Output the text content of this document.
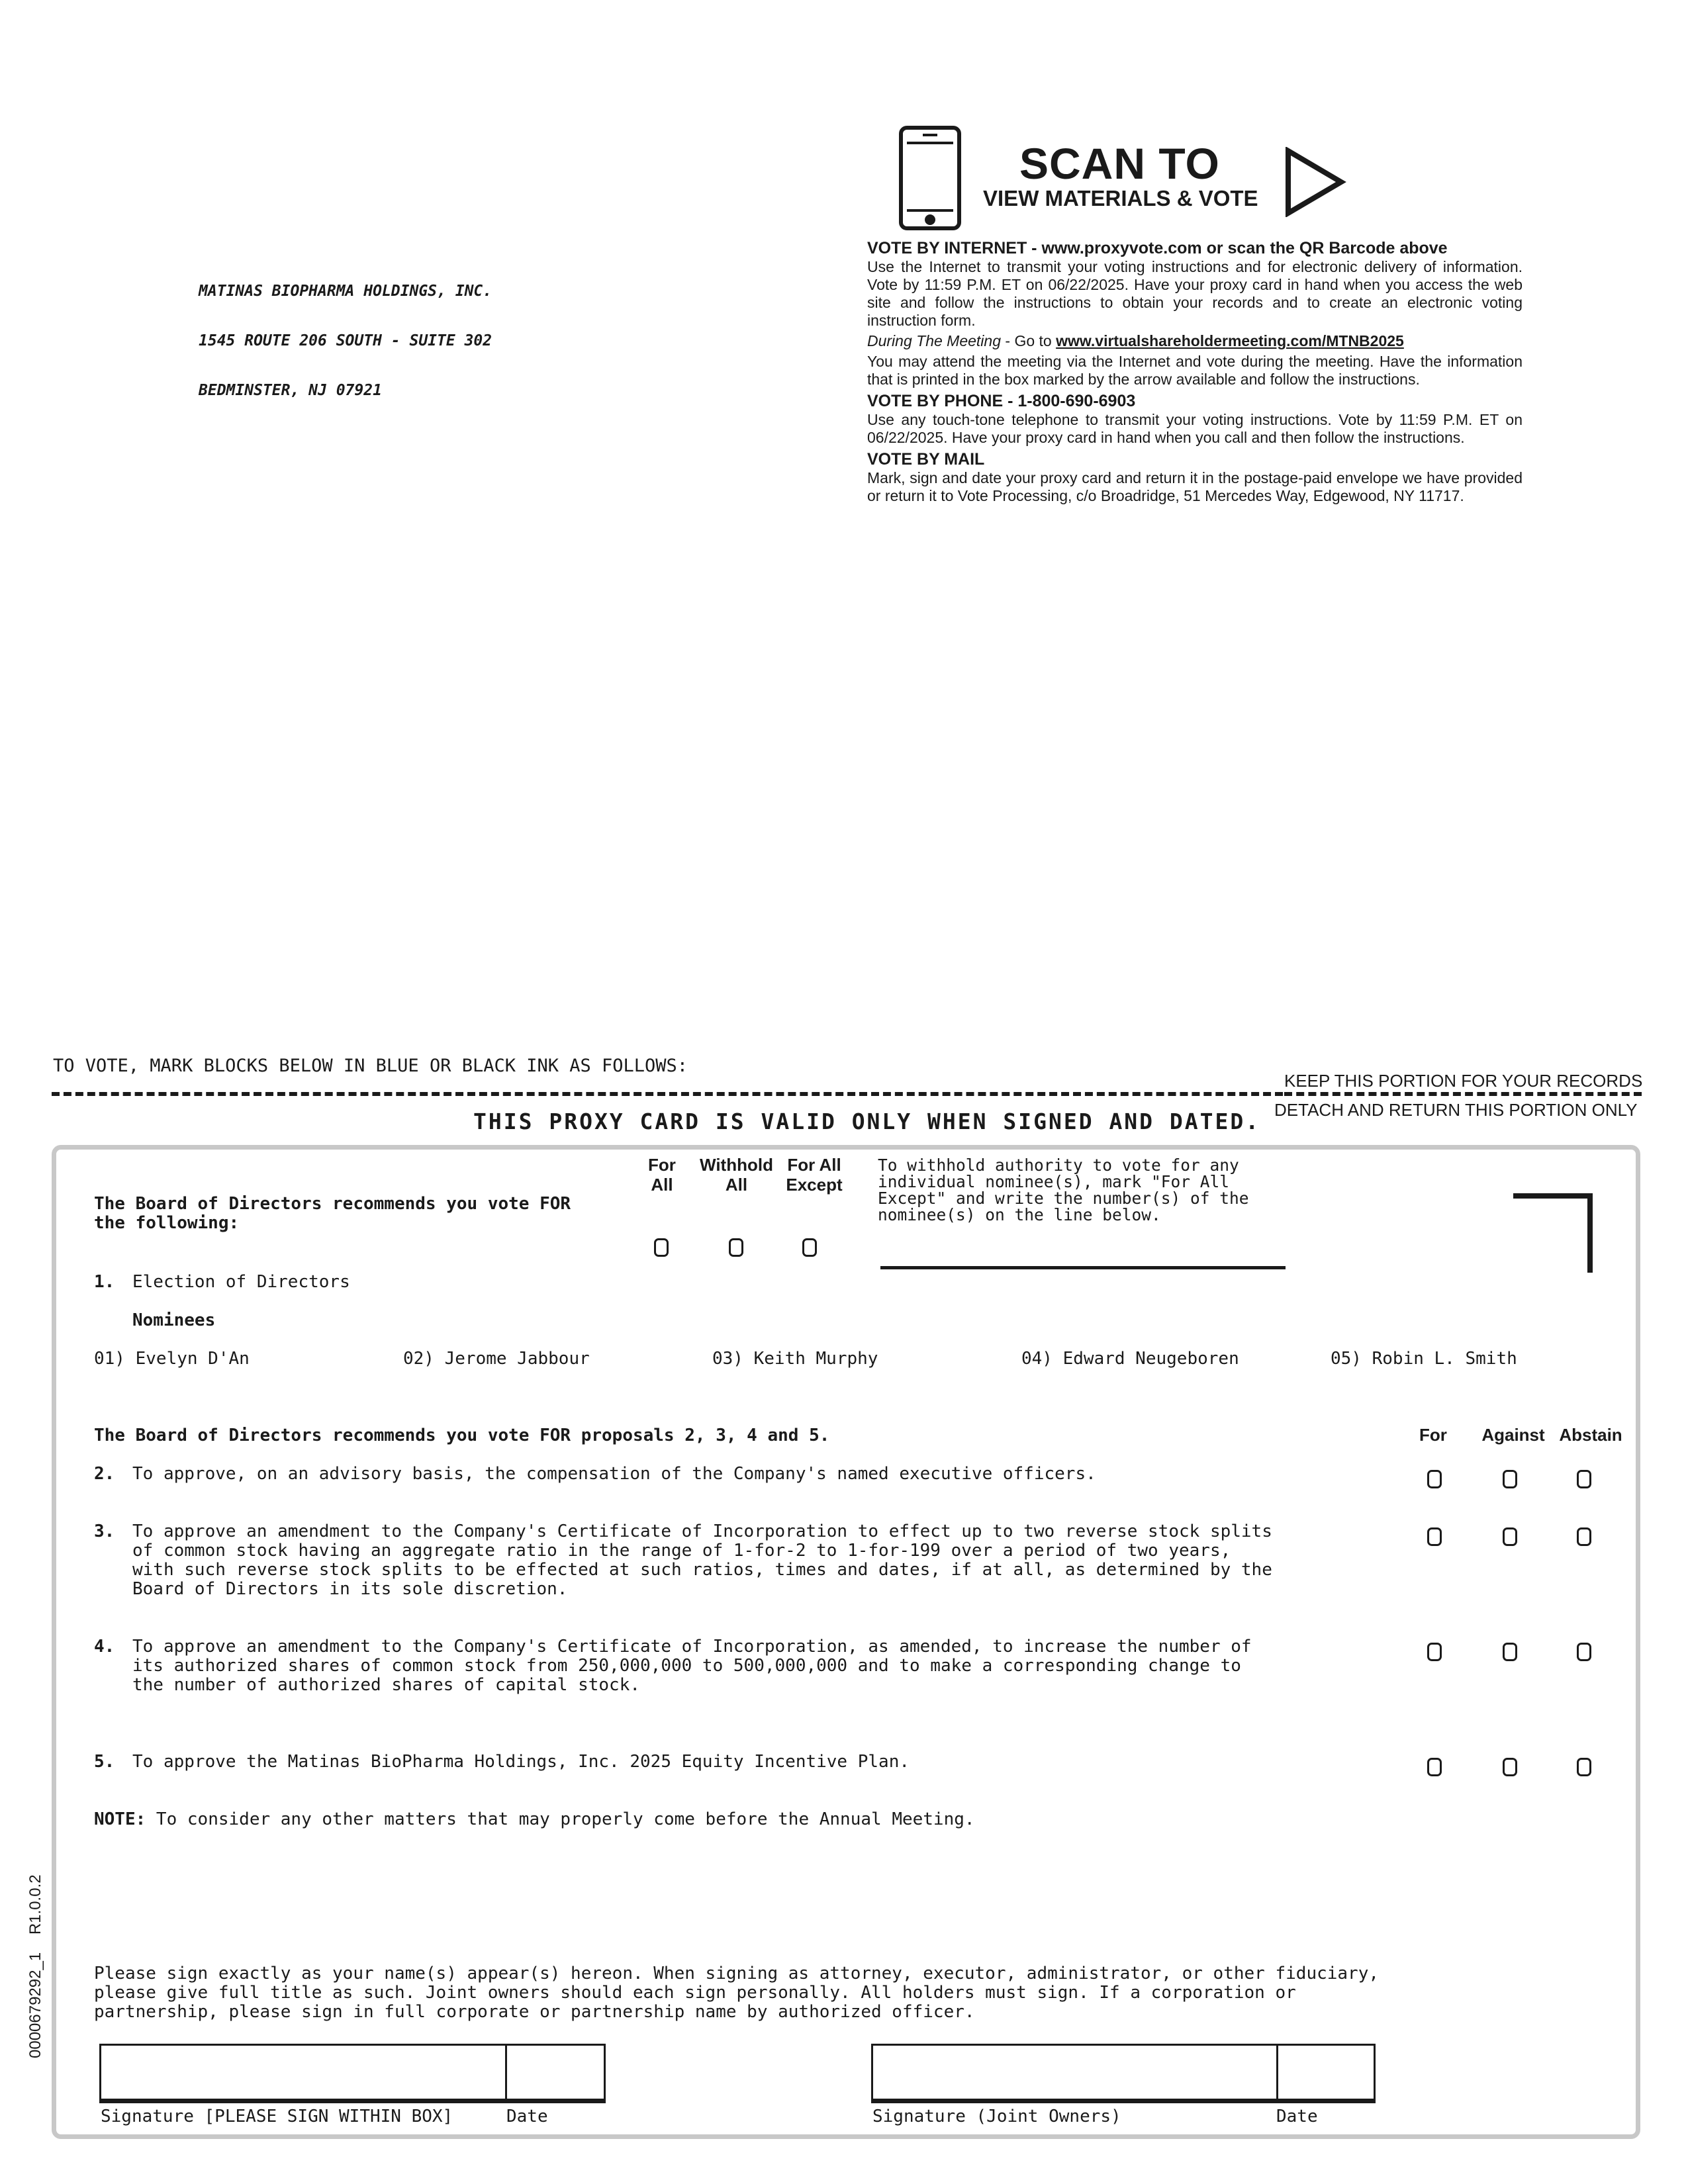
MATINAS BIOPHARMA HOLDINGS, INC.

1545 ROUTE 206 SOUTH - SUITE 302

BEDMINSTER, NJ 07921

SCAN TO
VIEW MATERIALS & VOTE
VOTE BY INTERNET - www.proxyvote.com or scan the QR Barcode above

Use the Internet to transmit your voting instructions and for electronic delivery of information. Vote by 11:59 P.M. ET on 06/22/2025. Have your proxy card in hand when you access the web site and follow the instructions to obtain your records and to create an electronic voting instruction form.

During The Meeting - Go to www.virtualshareholdermeeting.com/MTNB2025

You may attend the meeting via the Internet and vote during the meeting. Have the information that is printed in the box marked by the arrow available and follow the instructions.

VOTE BY PHONE - 1-800-690-6903

Use any touch-tone telephone to transmit your voting instructions. Vote by 11:59 P.M. ET on 06/22/2025. Have your proxy card in hand when you call and then follow the instructions.

VOTE BY MAIL

Mark, sign and date your proxy card and return it in the postage-paid envelope we have provided or return it to Vote Processing, c/o Broadridge, 51 Mercedes Way, Edgewood, NY 11717.

TO VOTE, MARK BLOCKS BELOW IN BLUE OR BLACK INK AS FOLLOWS:
KEEP THIS PORTION FOR YOUR RECORDS
DETACH AND RETURN THIS PORTION ONLY
THIS PROXY CARD IS VALID ONLY WHEN SIGNED AND DATED.
The Board of Directors recommends you vote FOR
the following:
For
All
Withhold
All
For All
Except
To withhold authority to vote for any
individual nominee(s), mark "For All
Except" and write the number(s) of the
nominee(s) on the line below.
1. Election of Directors
Nominees
01) Evelyn D'An	02) Jerome Jabbour	03) Keith Murphy	04) Edward Neugeboren	05) Robin L. Smith
The Board of Directors recommends you vote FOR proposals 2, 3, 4 and 5.	For	Against Abstain
2. To approve, on an advisory basis, the compensation of the Company's named executive officers.
3. To approve an amendment to the Company's Certificate of Incorporation to effect up to two reverse stock splits
of common stock having an aggregate ratio in the range of 1-for-2 to 1-for-199 over a period of two years,
with such reverse stock splits to be effected at such ratios, times and dates, if at all, as determined by the
Board of Directors in its sole discretion.
4. To approve an amendment to the Company's Certificate of Incorporation, as amended, to increase the number of
its authorized shares of common stock from 250,000,000 to 500,000,000 and to make a corresponding change to
the number of authorized shares of capital stock.
5. To approve the Matinas BioPharma Holdings, Inc. 2025 Equity Incentive Plan.
NOTE: To consider any other matters that may properly come before the Annual Meeting.
Please sign exactly as your name(s) appear(s) hereon. When signing as attorney, executor, administrator, or other fiduciary,
please give full title as such. Joint owners should each sign personally. All holders must sign. If a corporation or
partnership, please sign in full corporate or partnership name by authorized officer.
Signature [PLEASE SIGN WITHIN BOX]	Date	Signature (Joint Owners)	Date
0000679292_1    R1.0.0.2
